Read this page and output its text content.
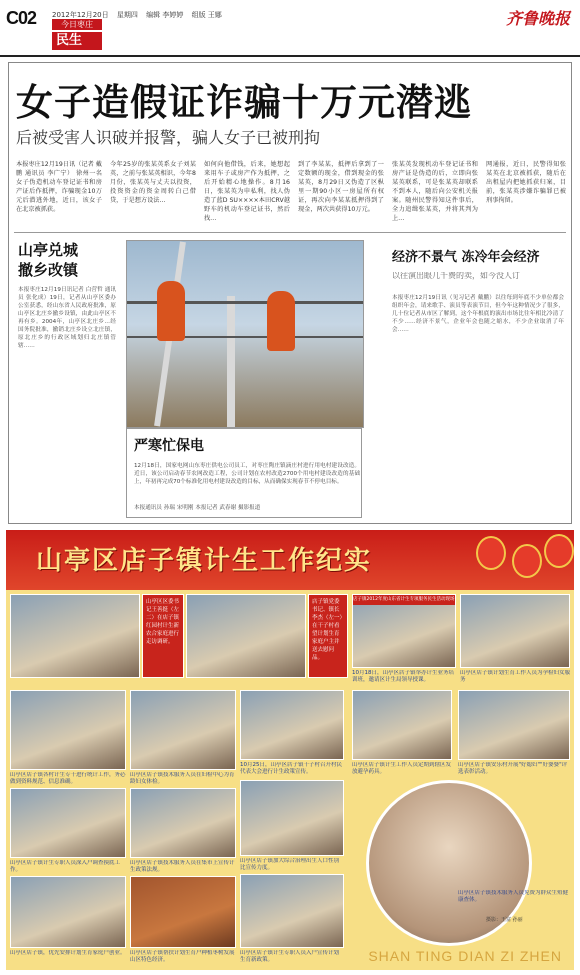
C02 2012年12月20日 星期四 编辑 李婷婷 组版 王娜
今日枣庄
民生
齐鲁晚报
女子造假证诈骗十万元潜逃
后被受害人识破并报警，骗人女子已被刑拘
本报枣庄12月19日讯（记者 戴鹏 通讯员 李广宁） 徐州一名女子伪造机动车登记证书和房产证后作抵押，诈骗现金10万元后潜逃外地，近日，该女子在北京被抓获。
今年25岁的张某英系女子刘某英，之前与张某英相识，今年8月份，张某英与丈夫以投资，投资资金的资金周转白己借贷，于是想方设法…
如何向他借钱，后来，她想起来用车子或房产作为抵押，之后开始精心地操作。8月16日，张某英为申私利，找人伪造了蓝D SU××××本田CRV越野车的机动车登记证书，然后找…
到了李某某，抵押后拿到了一定数额的现金，借到现金的张某英，8月29日又伪造了区枞里一期90小区一房屋所有权证，再次向李某某抵押得到了现金，两次共获得10万元。
张某英发现机动车登记证书和房产证是伪造的后，立即向张某英联系，可是张某英却联系不到本人，随后向公安机关报案。随州民警得知这件事后，全力追缉张某英，并将其判为上…
网通报，近日，民警得知张某英在北京被抓获，随后在出租屋内把她抓获归案，目前，张某英涉嫌诈骗罪已被刑事拘留。
山亭兑城
撤乡改镇
本报枣庄12月19日讯记者 白营哲 通讯员 张化成）19日，记者从山亭区委办公室获悉，经山东省人民政府批准，原山亭区北庄乡撤乡设镇，由此山亭区不再有乡。2004年，山亭区北庄乡…经国务院批准，撤销北庄乡设立北庄镇，原北庄乡的行政区域划归北庄镇管辖……
严寒忙保电
12月18日，国家电网山东枣庄供电公司员工，对枣庄陶庄镇滴庄村进行用电村建设改造。近日，该公司启动春节农网改造工程，公司计划在农村改造2700个用电村建设改造的基础上，年初再完成70个标准化用电村建设改造的目标，从而确保实现春节不停电目标。
本报通讯员 孙瑞 宋明刚 本报记者 武春谢 摄影报道
经济不景气 冻冷年会经济
以往演出眼几千费的卖，如今没人订
本报枣庄12月19日讯（见习记者 戴鹏）以往每到年底不少单位都会组织年会，请来歌手、演员等表演节目，但今年这种情况少了很多，几十位记者从市区了解到，这个年根底的演出市场比往年相比冷清了不少……经济不景气，企业年会也随之缩水，不少企业取消了年会……
山亭区店子镇计生工作纪实
山亭区区委书记王善挺（左二）在店子镇红园村计生新农合家庭进行走访调研。
店子镇党委书记、镇长李杰（左一）在干子村看望计划生育家庭户主并送去慰问品。
店子镇2012年度山东省计生专项服务民生活动现场
10月18日，山亭区店子镇举办计生业务培训班，邀请区计生局领导授课。
山亭区店子镇计划生育工作人员为孕检妇女服务
山亭区店子镇各村计生专干进行统计工作，务必做到资料规范、信息准确。
山亭区店子镇技术服务人员在妇检中心为育龄妇女体检。
10月25日，山亭区店子镇干子村召开村民代表大会进行计生政策宣传。
山亭区店子镇计生工作人员定期到辖区发放避孕药具。
山亭区店子镇安乐村开展"好媳妇""好婆婆"评选表彰活动。
山亭区店子镇计生专职人员深入户调查摸底工作。
山亭区店子镇技术服务人员在集市上宣传计生政策法规。
山亭区店子镇加大综合治理出生人口性别比宣传力度。
山亭区店子镇技术服务人员免费为群众生殖健康查体。
山亭区店子镇，优先安排计划生育家庭户创业。 山亭区店子镇帮扶计划生育户种植枣树发展山区特色经济。
山亭区店子镇计生专职人员入户宣传计划生育新政策。
摄影：王富 孙丽
SHAN TING DIAN ZI ZHEN
